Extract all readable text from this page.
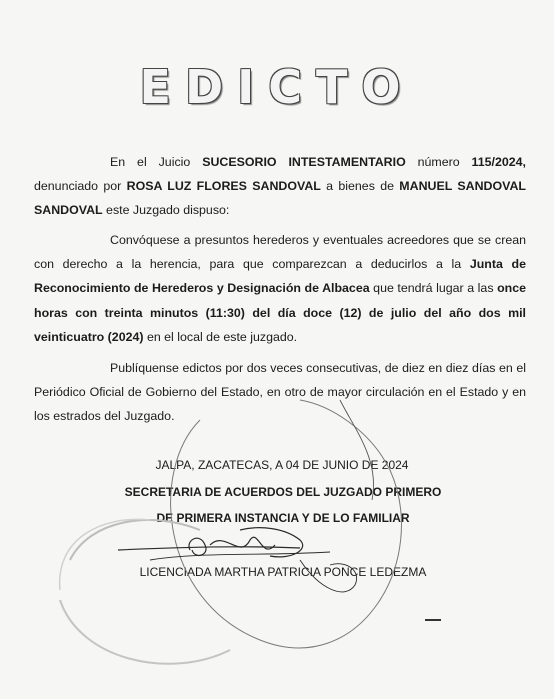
EDICTO
En el Juicio SUCESORIO INTESTAMENTARIO número 115/2024, denunciado por ROSA LUZ FLORES SANDOVAL a bienes de MANUEL SANDOVAL SANDOVAL este Juzgado dispuso:
Convóquese a presuntos herederos y eventuales acreedores que se crean con derecho a la herencia, para que comparezcan a deducirlos a la Junta de Reconocimiento de Herederos y Designación de Albacea que tendrá lugar a las once horas con treinta minutos (11:30) del día doce (12) de julio del año dos mil veinticuatro (2024) en el local de este juzgado.
Publíquense edictos por dos veces consecutivas, de diez en diez días en el Periódico Oficial de Gobierno del Estado, en otro de mayor circulación en el Estado y en los estrados del Juzgado.
JALPA, ZACATECAS, A 04 DE JUNIO DE 2024
SECRETARIA DE ACUERDOS DEL JUZGADO PRIMERO
DE PRIMERA INSTANCIA Y DE LO FAMILIAR
LICENCIADA MARTHA PATRICIA PONCE LEDEZMA
